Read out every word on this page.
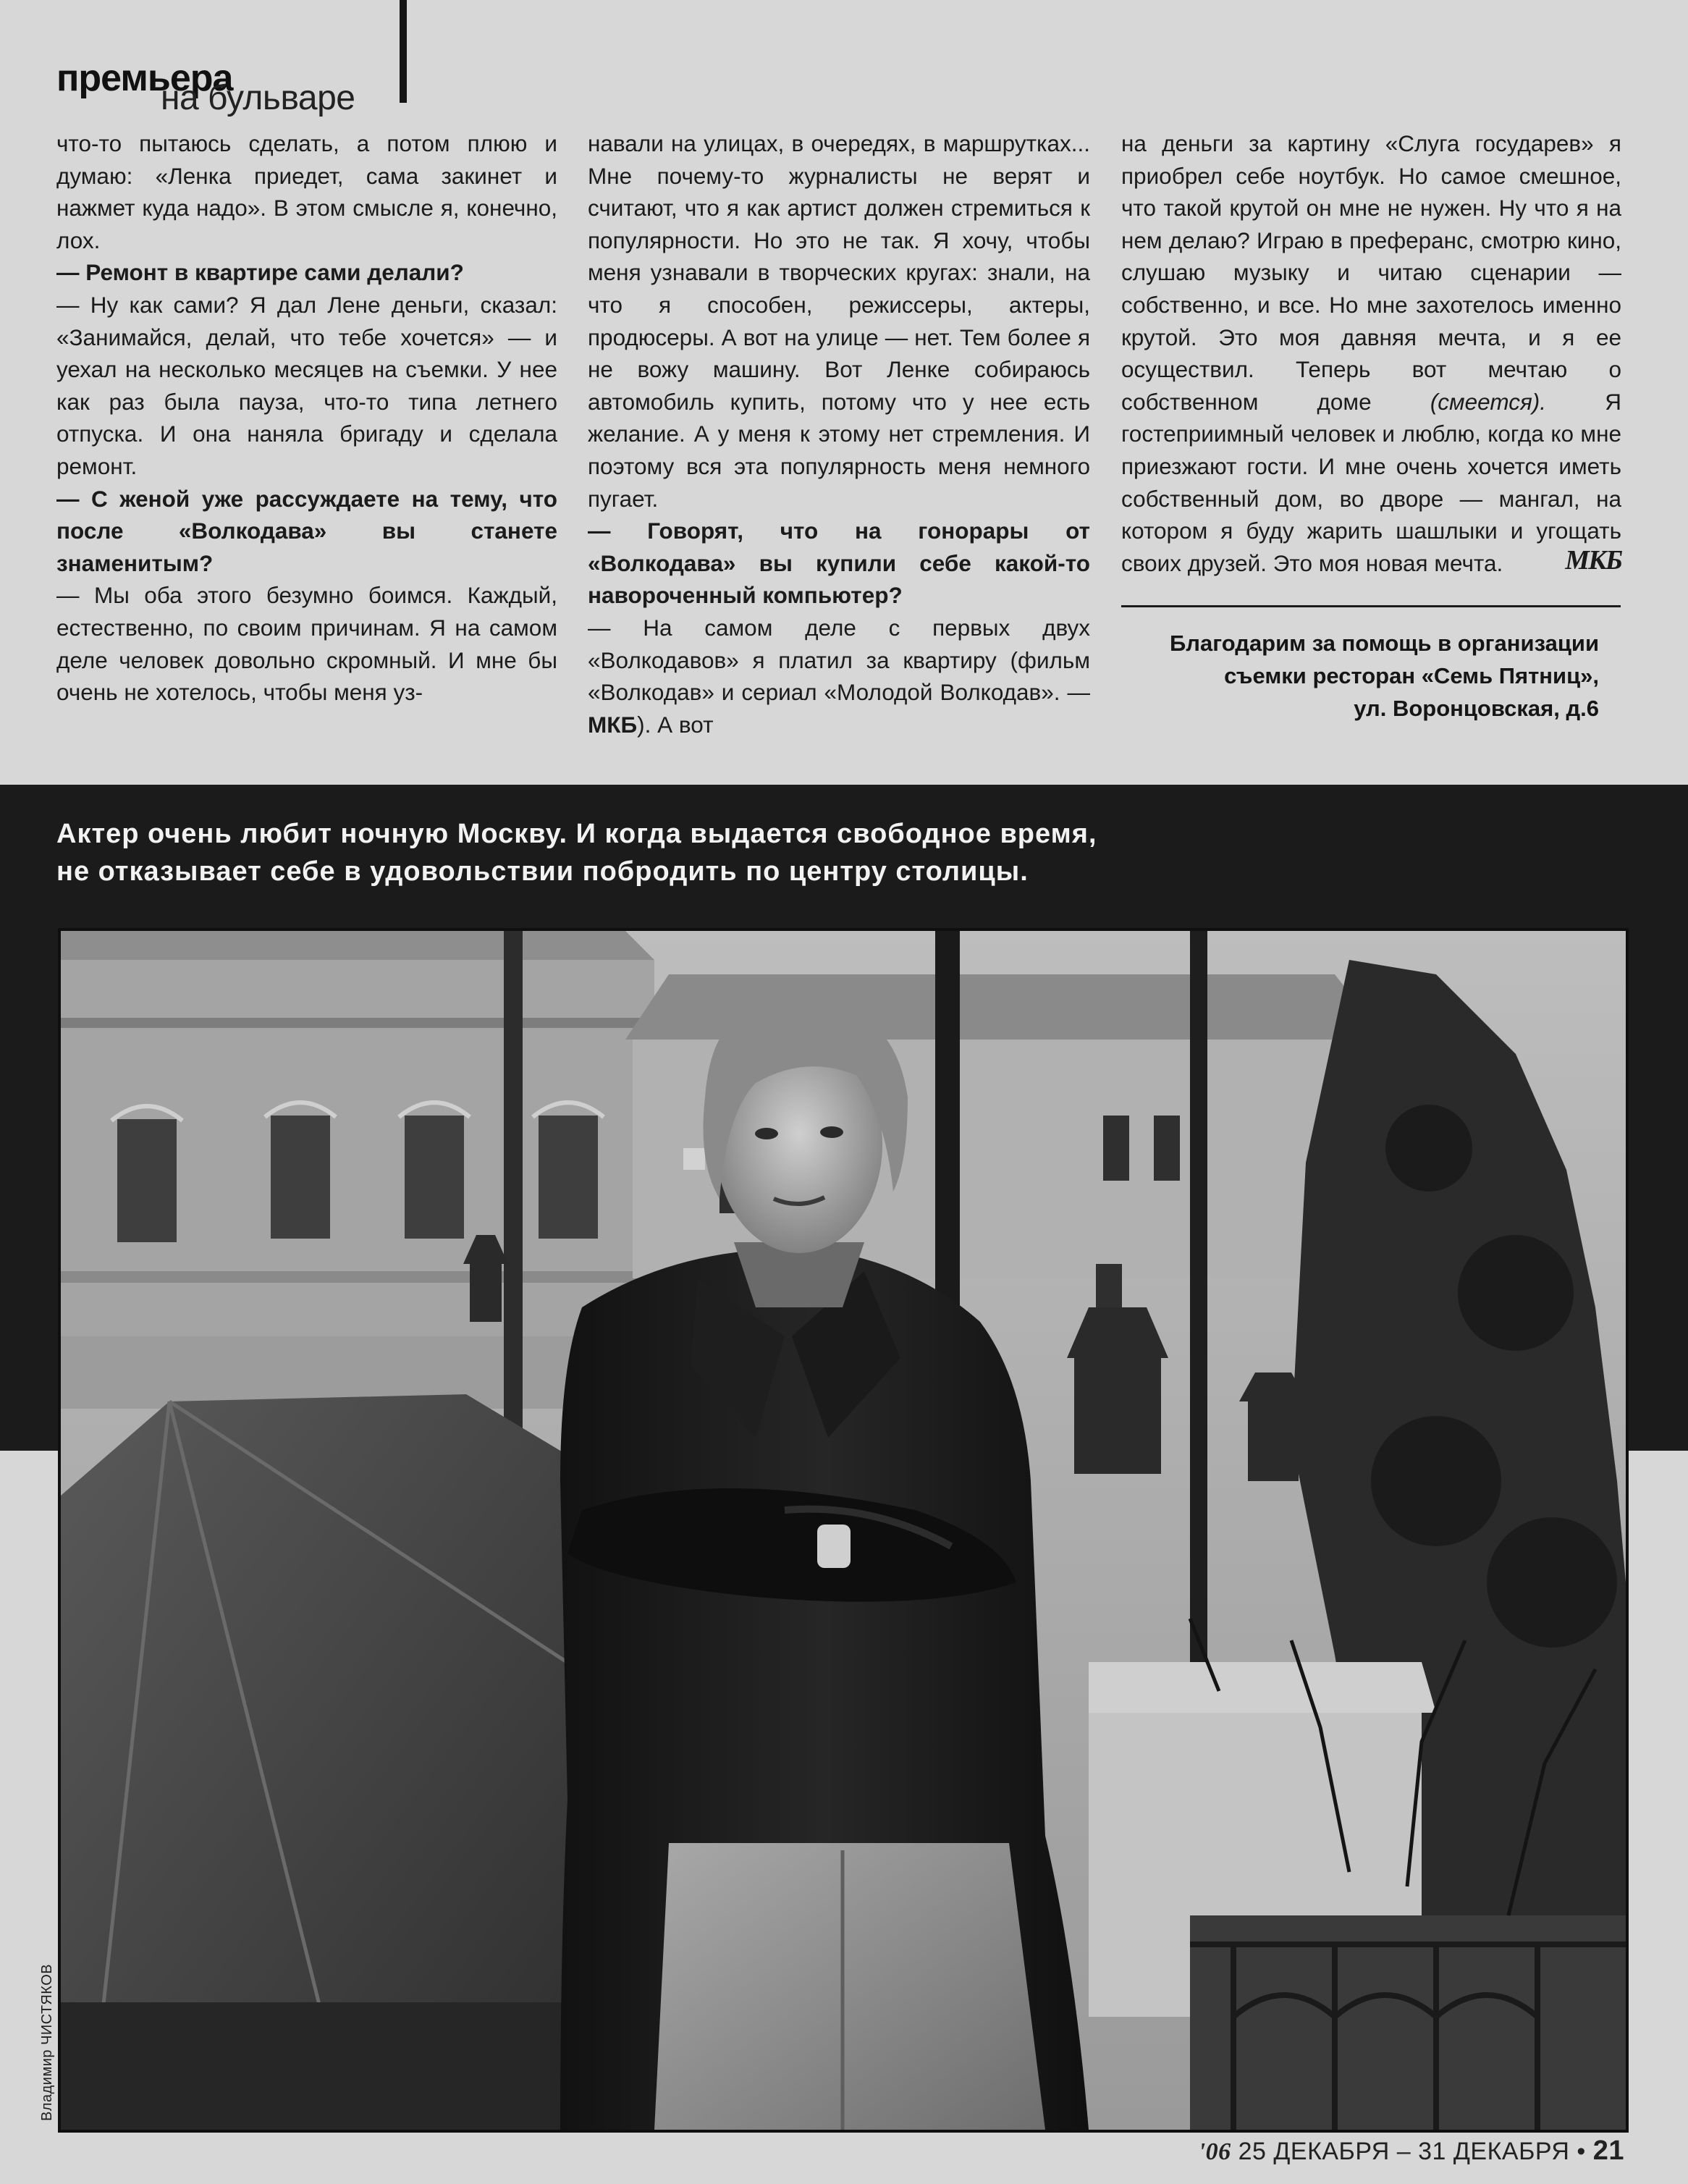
премьера
на бульваре

что-то пытаюсь сделать, а потом плюю и думаю: «Ленка приедет, сама закинет и нажмет куда надо». В этом смысле я, конечно, лох.

— Ремонт в квартире сами делали?

— Ну как сами? Я дал Лене деньги, сказал: «Занимайся, делай, что тебе хочется» — и уехал на несколько месяцев на съемки. У нее как раз была пауза, что-то типа летнего отпуска. И она наняла бригаду и сделала ремонт.

— С женой уже рассуждаете на тему, что после «Волкодава» вы станете знаменитым?

— Мы оба этого безумно боимся. Каждый, естественно, по своим причинам. Я на самом деле человек довольно скромный. И мне бы очень не хотелось, чтобы меня уз-

навали на улицах, в очередях, в маршрутках... Мне почему-то журналисты не верят и считают, что я как артист должен стремиться к популярности. Но это не так. Я хочу, чтобы меня узнавали в творческих кругах: знали, на что я способен, режиссеры, актеры, продюсеры. А вот на улице — нет. Тем более я не вожу машину. Вот Ленке собираюсь автомобиль купить, потому что у нее есть желание. А у меня к этому нет стремления. И поэтому вся эта популярность меня немного пугает.

— Говорят, что на гонорары от «Волкодава» вы купили себе какой-то навороченный компьютер?

— На самом деле с первых двух «Волкодавов» я платил за квартиру (фильм «Волкодав» и сериал «Молодой Волкодав». — МКБ). А вот

на деньги за картину «Слуга государев» я приобрел себе ноутбук. Но самое смешное, что такой крутой он мне не нужен. Ну что я на нем делаю? Играю в преферанс, смотрю кино, слушаю музыку и читаю сценарии — собственно, и все. Но мне захотелось именно крутой. Это моя давняя мечта, и я ее осуществил. Теперь вот мечтаю о собственном доме	(смеется).	Я гостеприимный человек и люблю, когда ко мне приезжают гости. И мне очень хочется иметь собственный дом, во дворе — мангал, на котором я буду жарить шашлыки и угощать своих друзей. Это моя новая мечта. МКБ

Благодарим за помощь в организации
съемки ресторан «Семь Пятниц»,
ул. Воронцовская, д.6
Актер очень любит ночную Москву. И когда выдается свободное время,
не отказывает себе в удовольствии побродить по центру столицы.
Владимир ЧИСТЯКОВ
'06 25 ДЕКАБРЯ – 31 ДЕКАБРЯ • 21
